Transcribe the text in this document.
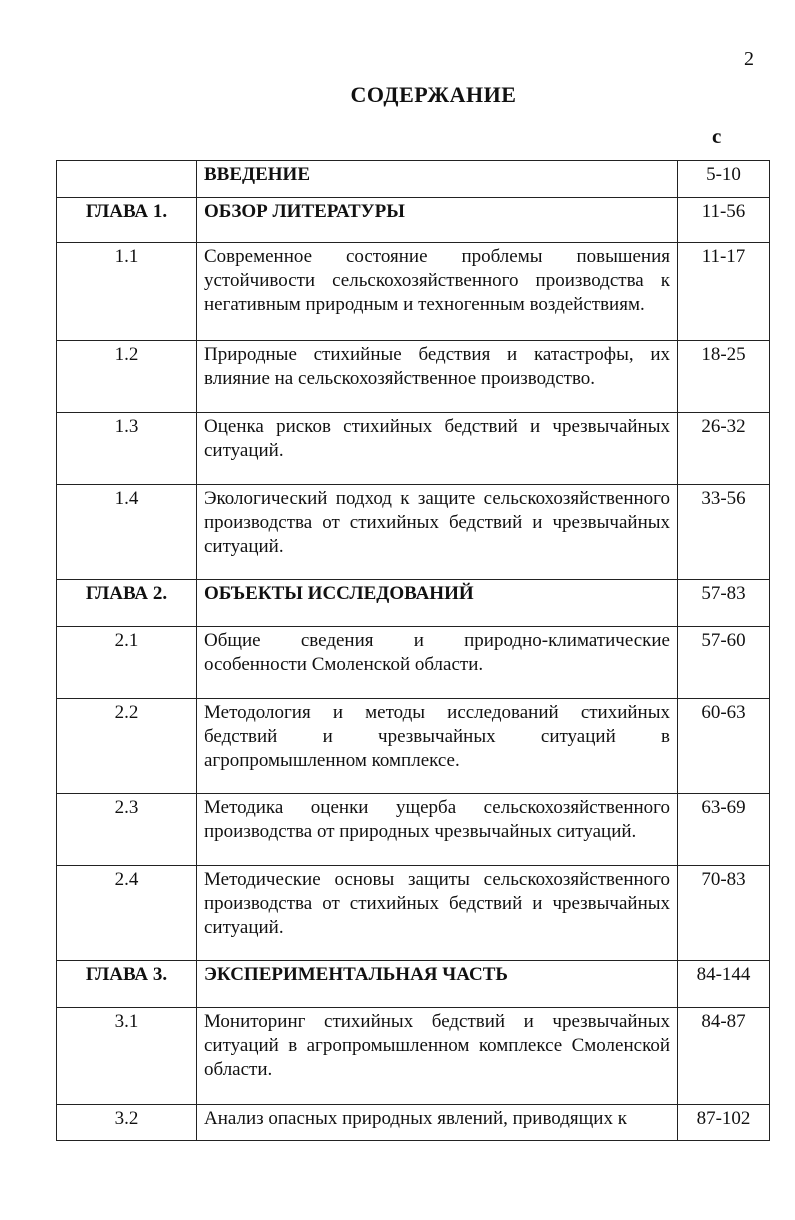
2
СОДЕРЖАНИЕ
с
	ВВЕДЕНИЕ	5-10
ГЛАВА 1.	ОБЗОР ЛИТЕРАТУРЫ	11-56
1.1	Современное состояние проблемы повышения устойчивости сельскохозяйственного производства к негативным природным и техногенным воздействиям.	11-17
1.2	Природные стихийные бедствия и катастрофы, их влияние на сельскохозяйственное производство.	18-25
1.3	Оценка рисков стихийных бедствий и чрезвычайных ситуаций.	26-32
1.4	Экологический подход к защите сельскохозяйственного производства от стихийных бедствий и чрезвычайных ситуаций.	33-56
ГЛАВА 2.	ОБЪЕКТЫ ИССЛЕДОВАНИЙ	57-83
2.1	Общие сведения и природно-климатические особенности Смоленской области.	57-60
2.2	Методология и методы исследований стихийных бедствий и чрезвычайных ситуаций в агропромышленном комплексе.	60-63
2.3	Методика оценки ущерба сельскохозяйственного производства от природных чрезвычайных ситуаций.	63-69
2.4	Методические основы защиты сельскохозяйственного производства от стихийных бедствий и чрезвычайных ситуаций.	70-83
ГЛАВА 3.	ЭКСПЕРИМЕНТАЛЬНАЯ ЧАСТЬ	84-144
3.1	Мониторинг стихийных бедствий и чрезвычайных ситуаций в агропромышленном комплексе Смоленской области.	84-87
3.2	Анализ опасных природных явлений, приводящих к	87-102
